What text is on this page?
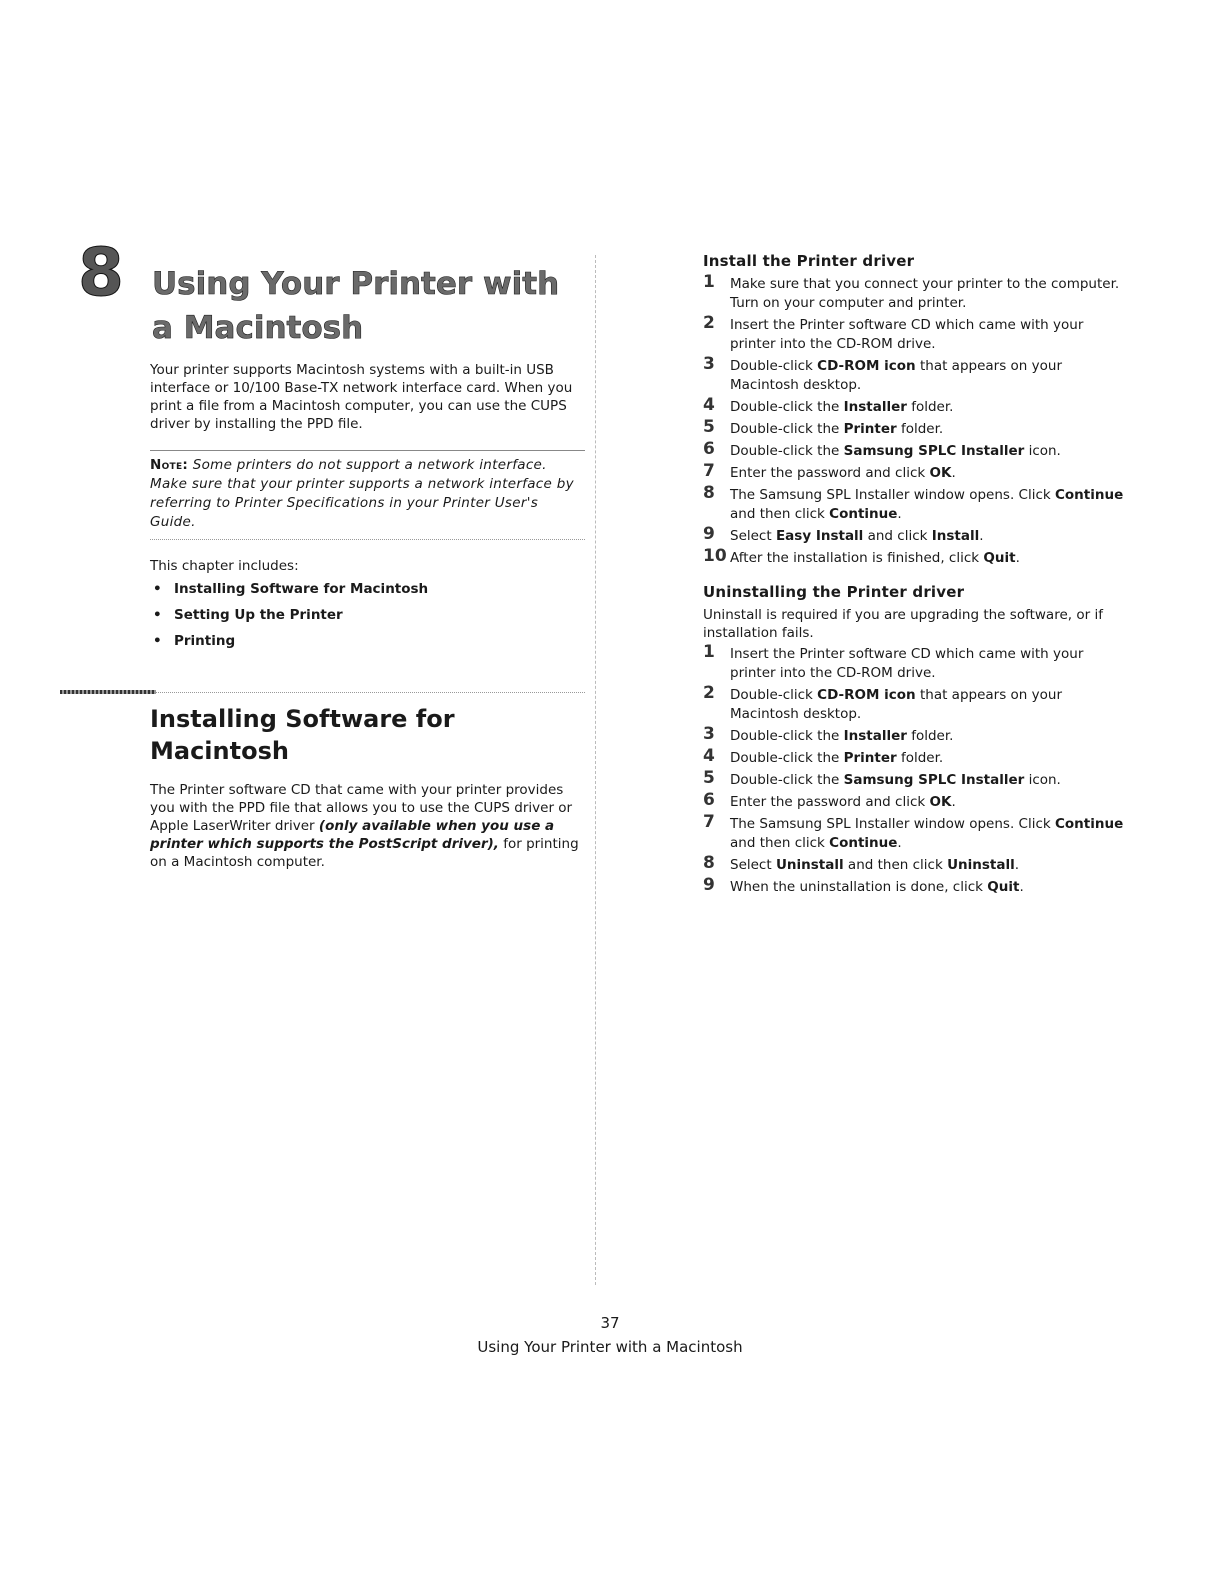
8 Using Your Printer with
a Macintosh

Your printer supports Macintosh systems with a built-in USB interface or 10/100 Base-TX network interface card. When you print a file from a Macintosh computer, you can use the CUPS driver by installing the PPD file.

Note: Some printers do not support a network interface. Make sure that your printer supports a network interface by referring to Printer Specifications in your Printer User's Guide.

This chapter includes:

• Installing Software for Macintosh
• Setting Up the Printer
• Printing
Installing Software for
Macintosh

The Printer software CD that came with your printer provides you with the PPD file that allows you to use the CUPS driver or Apple LaserWriter driver (only available when you use a printer which supports the PostScript driver), for printing on a Macintosh computer.

Install the Printer driver
1 Make sure that you connect your printer to the computer. Turn on your computer and printer.
2 Insert the Printer software CD which came with your printer into the CD-ROM drive.
3 Double-click CD-ROM icon that appears on your Macintosh desktop.
4 Double-click the Installer folder.
5 Double-click the Printer folder.
6 Double-click the Samsung SPLC Installer icon.
7 Enter the password and click OK.
8 The Samsung SPL Installer window opens. Click Continue and then click Continue.
9 Select Easy Install and click Install.
10 After the installation is finished, click Quit.
Uninstalling the Printer driver

Uninstall is required if you are upgrading the software, or if installation fails.

1 Insert the Printer software CD which came with your printer into the CD-ROM drive.
2 Double-click CD-ROM icon that appears on your Macintosh desktop.
3 Double-click the Installer folder.
4 Double-click the Printer folder.
5 Double-click the Samsung SPLC Installer icon.
6 Enter the password and click OK.
7 The Samsung SPL Installer window opens. Click Continue and then click Continue.
8 Select Uninstall and then click Uninstall.
9 When the uninstallation is done, click Quit.
37
Using Your Printer with a Macintosh
